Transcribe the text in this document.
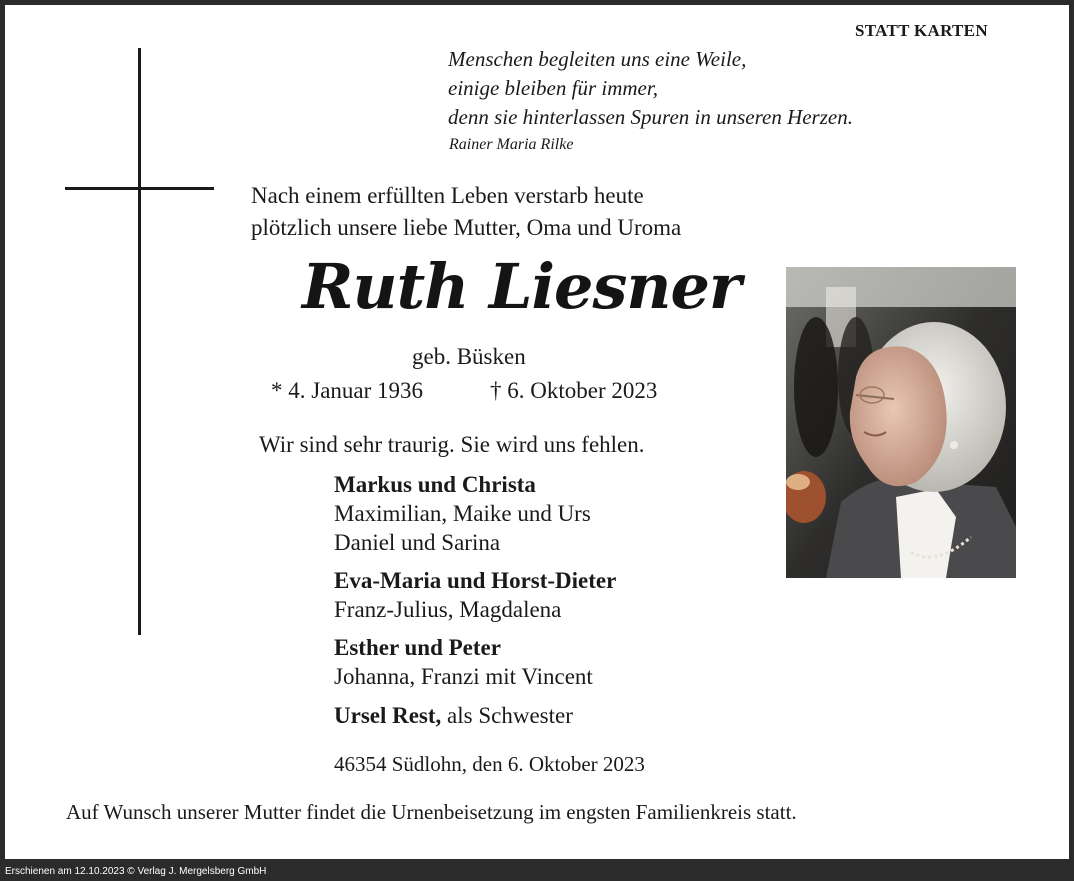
STATT KARTEN
Menschen begleiten uns eine Weile,
einige bleiben für immer,
denn sie hinterlassen Spuren in unseren Herzen.
Rainer Maria Rilke
Nach einem erfüllten Leben verstarb heute
plötzlich unsere liebe Mutter, Oma und Uroma
Ruth Liesner
geb. Büsken
* 4. Januar 1936	† 6. Oktober 2023
Wir sind sehr traurig. Sie wird uns fehlen.
Markus und Christa
Maximilian, Maike und Urs
Daniel und Sarina
Eva-Maria und Horst-Dieter
Franz-Julius, Magdalena
Esther und Peter
Johanna, Franzi mit Vincent
Ursel Rest, als Schwester
46354 Südlohn, den 6. Oktober 2023
Auf Wunsch unserer Mutter findet die Urnenbeisetzung im engsten Familienkreis statt.
Erschienen am 12.10.2023 © Verlag J. Mergelsberg GmbH
